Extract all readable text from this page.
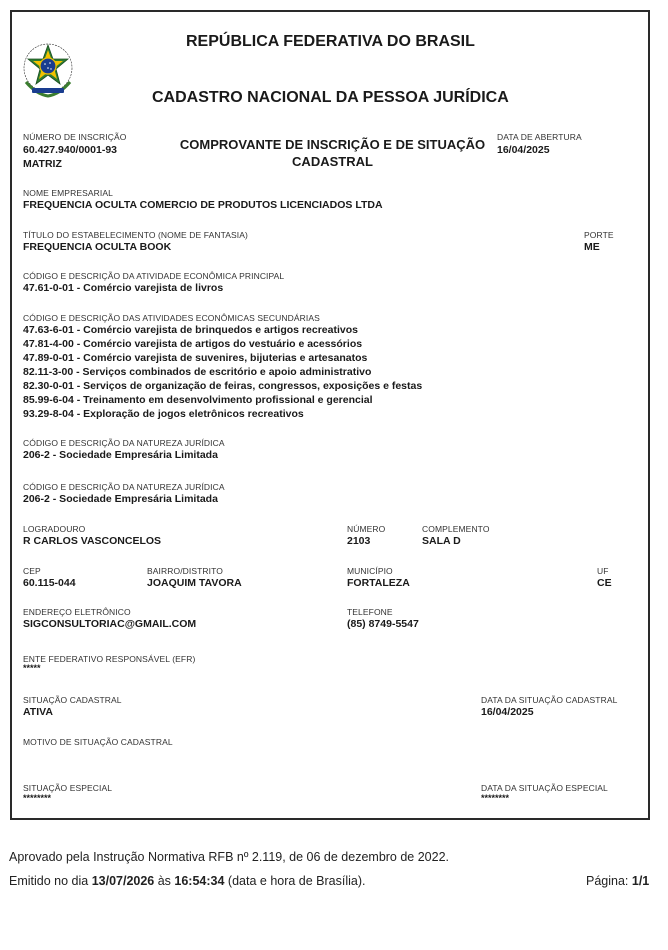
REPÚBLICA FEDERATIVA DO BRASIL
CADASTRO NACIONAL DA PESSOA JURÍDICA
NÚMERO DE INSCRIÇÃO
60.427.940/0001-93
MATRIZ
COMPROVANTE DE INSCRIÇÃO E DE SITUAÇÃO CADASTRAL
DATA DE ABERTURA
16/04/2025
NOME EMPRESARIAL
FREQUENCIA OCULTA COMERCIO DE PRODUTOS LICENCIADOS LTDA
TÍTULO DO ESTABELECIMENTO (NOME DE FANTASIA)
FREQUENCIA OCULTA BOOK
PORTE
ME
CÓDIGO E DESCRIÇÃO DA ATIVIDADE ECONÔMICA PRINCIPAL
47.61-0-01 - Comércio varejista de livros
CÓDIGO E DESCRIÇÃO DAS ATIVIDADES ECONÔMICAS SECUNDÁRIAS
47.63-6-01 - Comércio varejista de brinquedos e artigos recreativos
47.81-4-00 - Comércio varejista de artigos do vestuário e acessórios
47.89-0-01 - Comércio varejista de suvenires, bijuterias e artesanatos
82.11-3-00 - Serviços combinados de escritório e apoio administrativo
82.30-0-01 - Serviços de organização de feiras, congressos, exposições e festas
85.99-6-04 - Treinamento em desenvolvimento profissional e gerencial
93.29-8-04 - Exploração de jogos eletrônicos recreativos
CÓDIGO E DESCRIÇÃO DA NATUREZA JURÍDICA
206-2 - Sociedade Empresária Limitada
CÓDIGO E DESCRIÇÃO DA NATUREZA JURÍDICA
206-2 - Sociedade Empresária Limitada
LOGRADOURO
R CARLOS VASCONCELOS
NÚMERO
2103
COMPLEMENTO
SALA D
CEP
60.115-044
BAIRRO/DISTRITO
JOAQUIM TAVORA
MUNICÍPIO
FORTALEZA
UF
CE
ENDEREÇO ELETRÔNICO
SIGCONSULTORIAC@GMAIL.COM
TELEFONE
(85) 8749-5547
ENTE FEDERATIVO RESPONSÁVEL (EFR)
*****
SITUAÇÃO CADASTRAL
ATIVA
DATA DA SITUAÇÃO CADASTRAL
16/04/2025
MOTIVO DE SITUAÇÃO CADASTRAL
SITUAÇÃO ESPECIAL
********
DATA DA SITUAÇÃO ESPECIAL
********
Aprovado pela Instrução Normativa RFB nº 2.119, de 06 de dezembro de 2022.
Emitido no dia 13/07/2026 às 16:54:34 (data e hora de Brasília).	Página: 1/1
